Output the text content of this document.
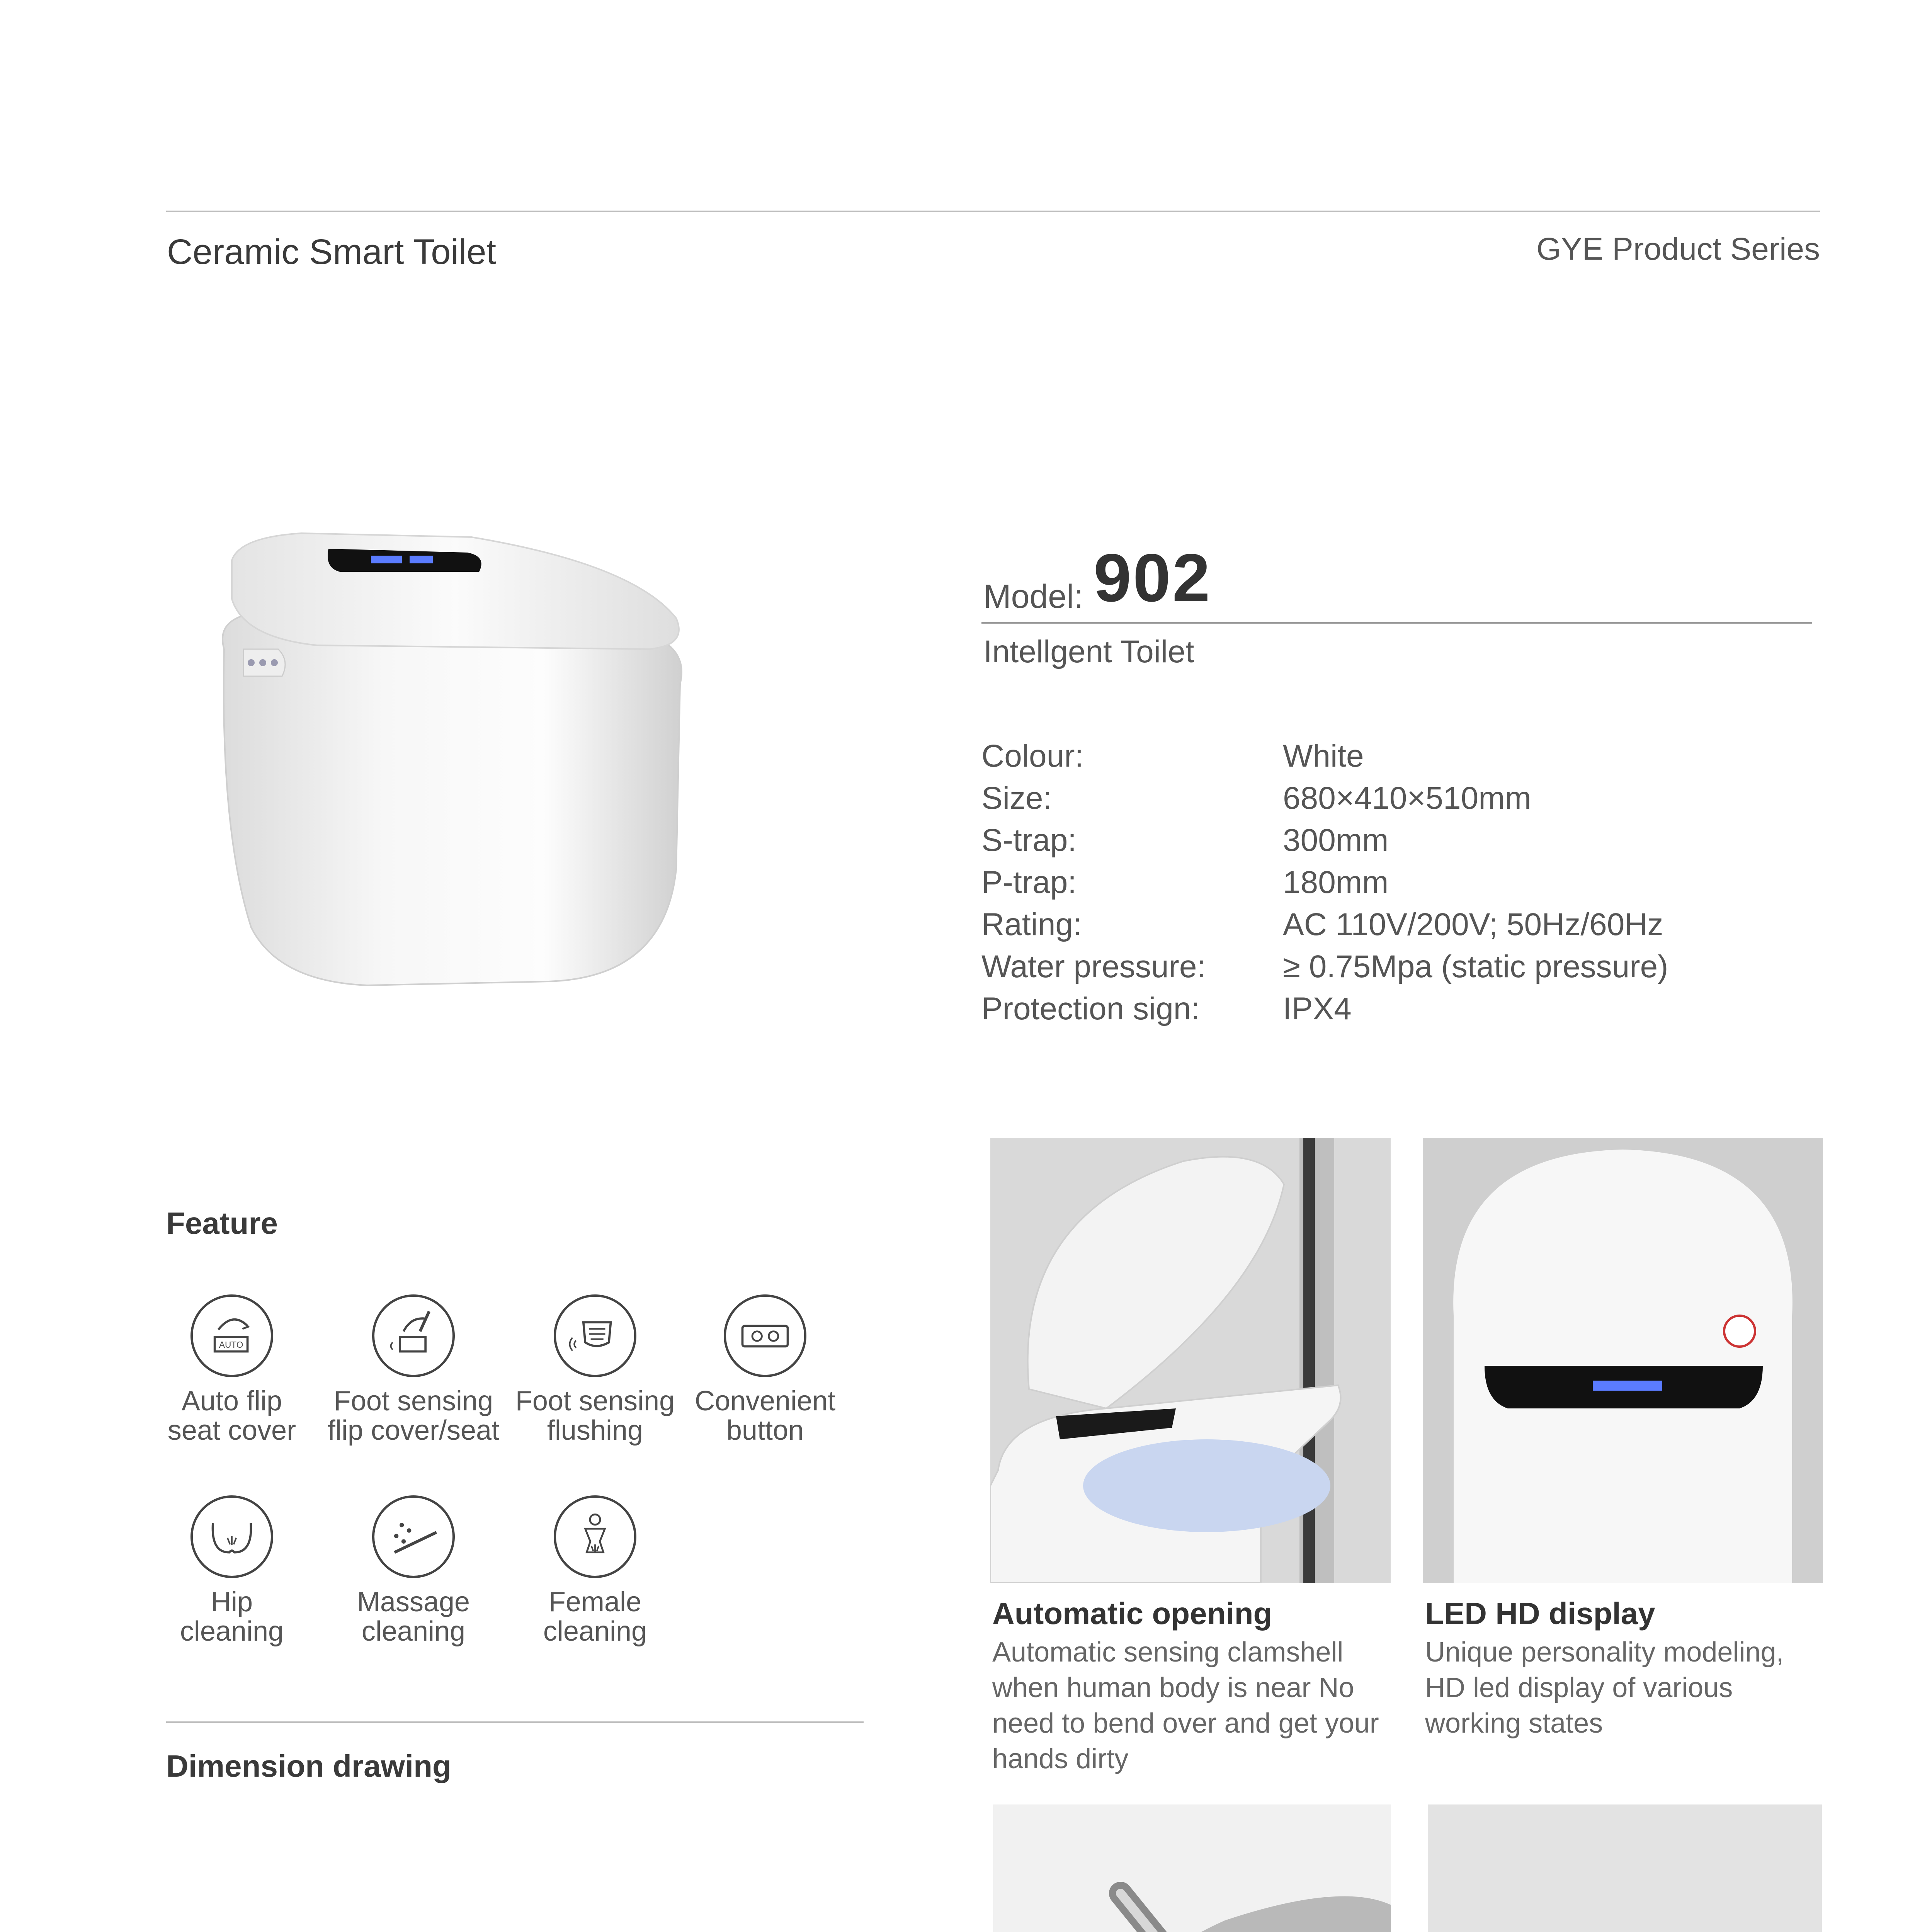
Ceramic Smart Toilet	GYE Product Series
Model: 902
Intellgent Toilet
Colour:	White
Size:	680×410×510mm
S-trap:	300mm
P-trap:	180mm
Rating:	AC 110V/200V; 50Hz/60Hz
Water pressure:	≥ 0.75Mpa (static pressure)
Protection sign:	IPX4
Feature
AUTO
Auto flip
seat cover
Foot sensing
flip cover/seat
Foot sensing
flushing
Convenient
button
Hip
cleaning
Massage
cleaning
Female
cleaning
Dimension drawing
Automatic opening
Automatic sensing clamshell when human body is near No need to bend over and get your hands dirty
LED HD display
Unique personality modeling, HD led display of various working states
